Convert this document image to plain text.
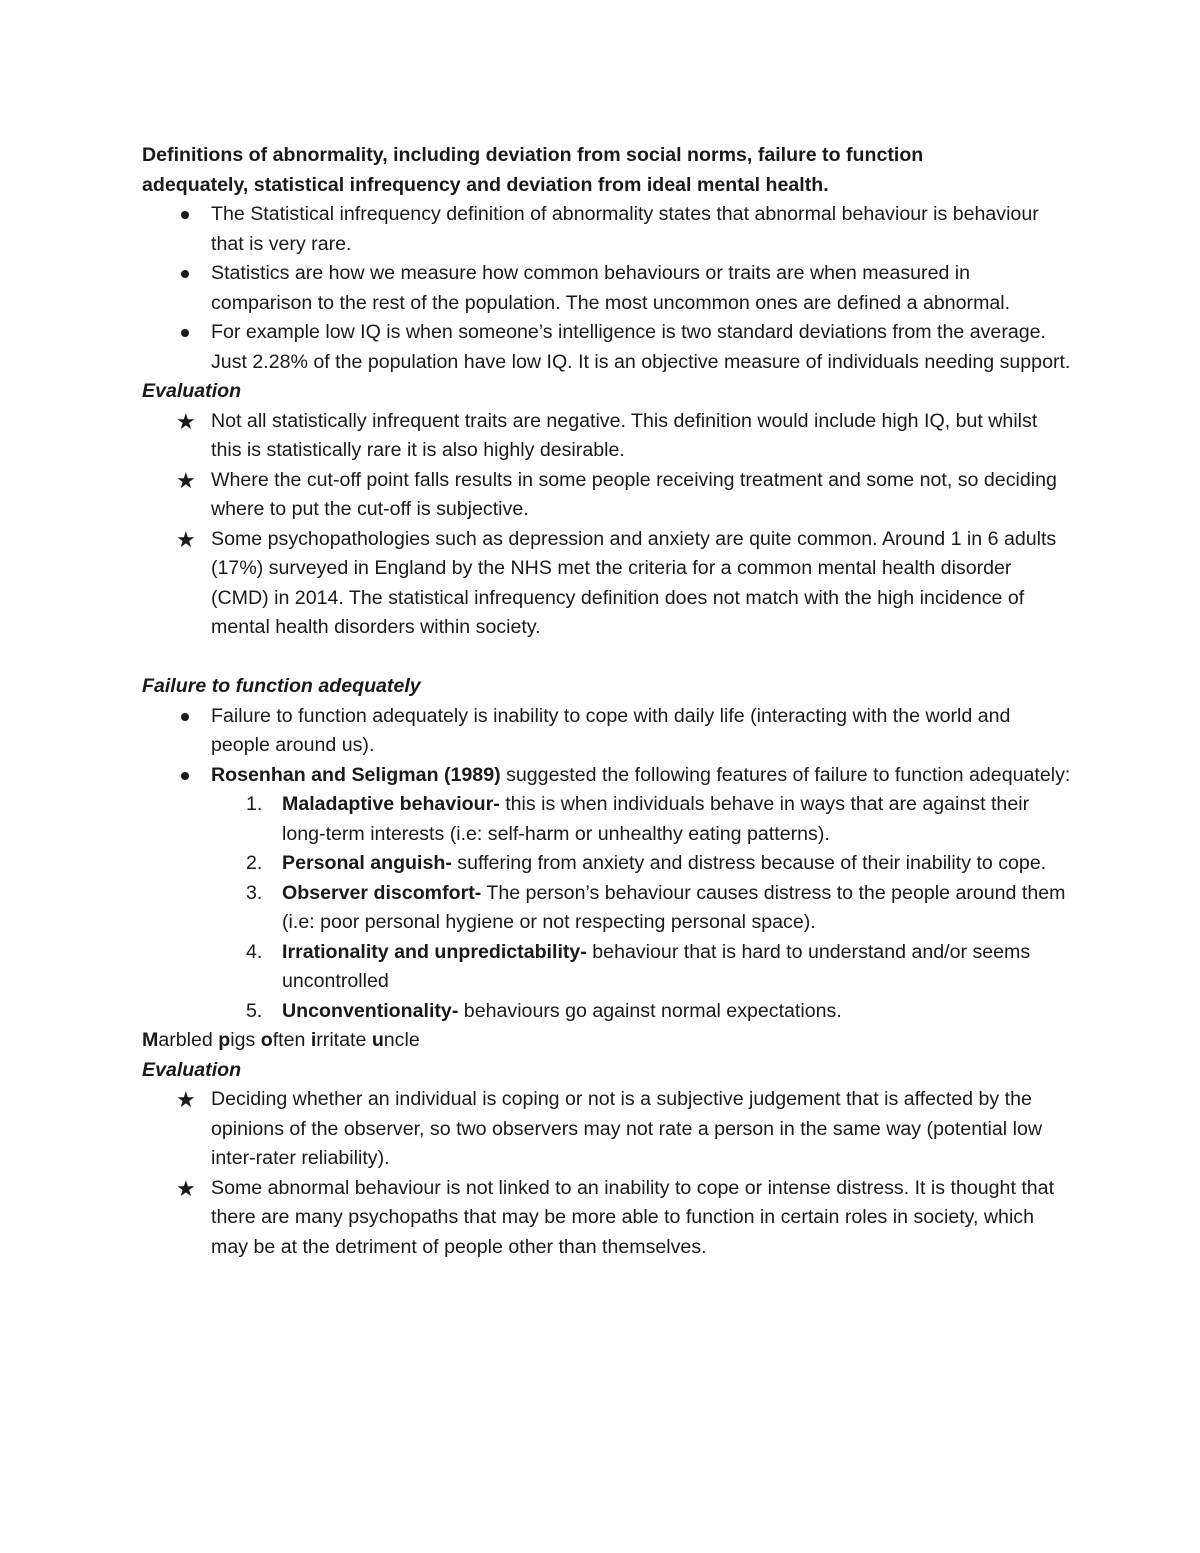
Definitions of abnormality, including deviation from social norms, failure to function
adequately, statistical infrequency and deviation from ideal mental health.

The Statistical infrequency definition of abnormality states that abnormal behaviour is behaviour that is very rare.
Statistics are how we measure how common behaviours or traits are when measured in comparison to the rest of the population. The most uncommon ones are defined a abnormal.
For example low IQ is when someone’s intelligence is two standard deviations from the average. Just 2.28% of the population have low IQ. It is an objective measure of individuals needing support.

Evaluation

★ Not all statistically infrequent traits are negative. This definition would include high IQ, but whilst this is statistically rare it is also highly desirable.
★ Where the cut-off point falls results in some people receiving treatment and some not, so deciding where to put the cut-off is subjective.
★ Some psychopathologies such as depression and anxiety are quite common. Around 1 in 6 adults (17%) surveyed in England by the NHS met the criteria for a common mental health disorder (CMD) in 2014. The statistical infrequency definition does not match with the high incidence of mental health disorders within society.

Failure to function adequately

Failure to function adequately is inability to cope with daily life (interacting with the world and people around us).
Rosenhan and Seligman (1989) suggested the following features of failure to function adequately:
1. Maladaptive behaviour- this is when individuals behave in ways that are against their long-term interests (i.e: self-harm or unhealthy eating patterns).
2. Personal anguish- suffering from anxiety and distress because of their inability to cope.
3. Observer discomfort- The person’s behaviour causes distress to the people around them (i.e: poor personal hygiene or not respecting personal space).
4. Irrationality and unpredictability- behaviour that is hard to understand and/or seems uncontrolled
5. Unconventionality- behaviours go against normal expectations.

Marbled pigs often irritate uncle

Evaluation

★ Deciding whether an individual is coping or not is a subjective judgement that is affected by the opinions of the observer, so two observers may not rate a person in the same way (potential low inter-rater reliability).
★ Some abnormal behaviour is not linked to an inability to cope or intense distress. It is thought that there are many psychopaths that may be more able to function in certain roles in society, which may be at the detriment of people other than themselves.
